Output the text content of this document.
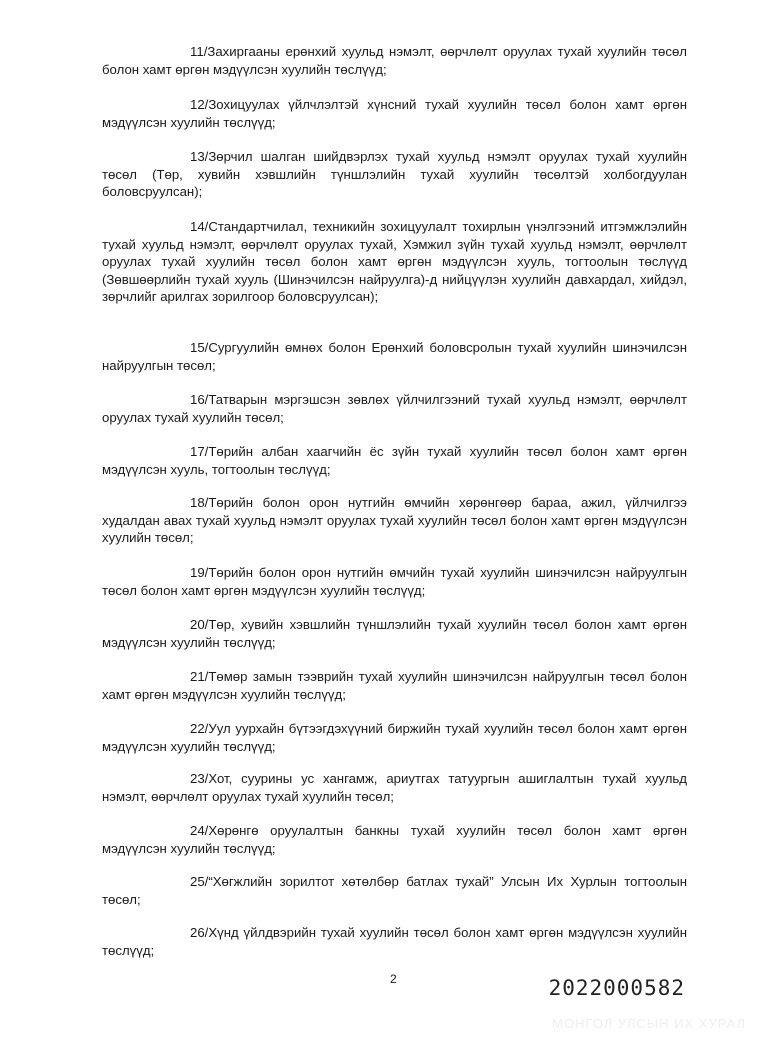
11/Захиргааны ерөнхий хуульд нэмэлт, өөрчлөлт оруулах тухай хуулийн төсөл болон хамт өргөн мэдүүлсэн хуулийн төслүүд;

12/Зохицуулах үйлчлэлтэй хүнсний тухай хуулийн төсөл болон хамт өргөн мэдүүлсэн хуулийн төслүүд;

13/Зөрчил шалган шийдвэрлэх тухай хуульд нэмэлт оруулах тухай хуулийн төсөл (Төр, хувийн хэвшлийн түншлэлийн тухай хуулийн төсөлтэй холбогдуулан боловсруулсан);

14/Стандартчилал, техникийн зохицуулалт тохирлын үнэлгээний итгэмжлэлийн тухай хуульд нэмэлт, өөрчлөлт оруулах тухай, Хэмжил зүйн тухай хуульд нэмэлт, өөрчлөлт оруулах тухай хуулийн төсөл болон хамт өргөн мэдүүлсэн хууль, тогтоолын төслүүд (Зөвшөөрлийн тухай хууль (Шинэчилсэн найруулга)-д нийцүүлэн хуулийн давхардал, хийдэл, зөрчлийг арилгах зорилгоор боловсруулсан);

15/Сургуулийн өмнөх болон Ерөнхий боловсролын тухай хуулийн шинэчилсэн найруулгын төсөл;

16/Татварын мэргэшсэн зөвлөх үйлчилгээний тухай хуульд нэмэлт, өөрчлөлт оруулах тухай хуулийн төсөл;

17/Төрийн албан хаагчийн ёс зүйн тухай хуулийн төсөл болон хамт өргөн мэдүүлсэн хууль, тогтоолын төслүүд;

18/Төрийн болон орон нутгийн өмчийн хөрөнгөөр бараа, ажил, үйлчилгээ худалдан авах тухай хуульд нэмэлт оруулах тухай хуулийн төсөл болон хамт өргөн мэдүүлсэн хуулийн төсөл;

19/Төрийн болон орон нутгийн өмчийн тухай хуулийн шинэчилсэн найруулгын төсөл болон хамт өргөн мэдүүлсэн хуулийн төслүүд;

20/Төр, хувийн хэвшлийн түншлэлийн тухай хуулийн төсөл болон хамт өргөн мэдүүлсэн хуулийн төслүүд;

21/Төмөр замын тээврийн тухай хуулийн шинэчилсэн найруулгын төсөл болон хамт өргөн мэдүүлсэн хуулийн төслүүд;

22/Уул уурхайн бүтээгдэхүүний биржийн тухай хуулийн төсөл болон хамт өргөн мэдүүлсэн хуулийн төслүүд;

23/Хот, суурины ус хангамж, ариутгах татуургын ашиглалтын тухай хуульд нэмэлт, өөрчлөлт оруулах тухай хуулийн төсөл;

24/Хөрөнгө оруулалтын банкны тухай хуулийн төсөл болон хамт өргөн мэдүүлсэн хуулийн төслүүд;

25/“Хөгжлийн зорилтот хөтөлбөр батлах тухай” Улсын Их Хурлын тогтоолын төсөл;

26/Хүнд үйлдвэрийн тухай хуулийн төсөл болон хамт өргөн мэдүүлсэн хуулийн төслүүд;

2	2022000582
МОНГОЛ УЛСЫН ИХ ХУРАЛ
